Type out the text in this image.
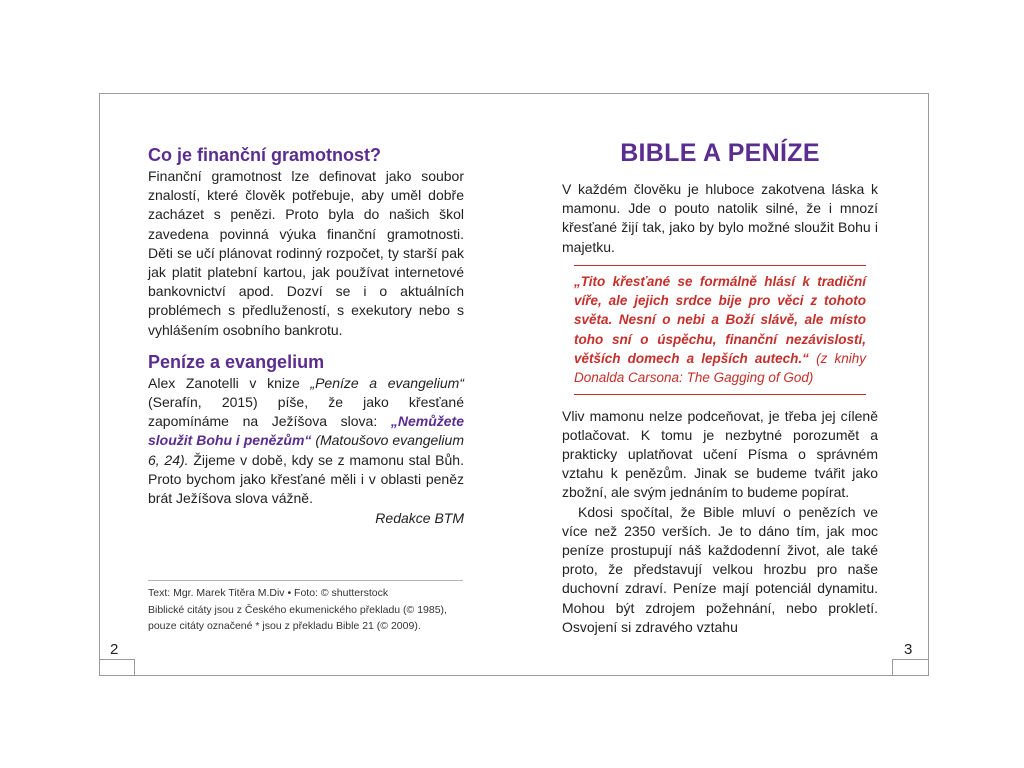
2	3
Co je finanční gramotnost?

Finanční gramotnost lze definovat jako soubor znalostí, které člověk potřebuje, aby uměl dobře zacházet s penězi. Proto byla do našich škol zavedena povinná výuka finanční gramotnosti. Děti se učí plánovat rodinný rozpočet, ty starší pak jak platit platební kartou, jak používat internetové bankovnictví apod. Dozví se i o aktuálních problémech s předlužeností, s exekutory nebo s vyhlášením osobního bankrotu.

Peníze a evangelium

Alex Zanotelli v knize „Peníze a evangelium“ (Serafín, 2015) píše, že jako křesťané zapomínáme na Ježíšova slova: „Nemůžete sloužit Bohu i penězům“ (Matoušovo evangelium 6, 24). Žijeme v době, kdy se z mamonu stal Bůh. Proto bychom jako křesťané měli i v oblasti peněz brát Ježíšova slova vážně.

Redakce BTM
Text: Mgr. Marek Titěra M.Div • Foto: © shutterstock
Biblické citáty jsou z Českého ekumenického překladu (© 1985),
pouze citáty označené * jsou z překladu Bible 21 (© 2009).
BIBLE A PENÍZE

V každém člověku je hluboce zakotvena láska k mamonu. Jde o pouto natolik silné, že i mnozí křesťané žijí tak, jako by bylo možné sloužit Bohu i majetku.

„Tito křesťané se formálně hlásí k tradiční víře, ale jejich srdce bije pro věci z tohoto světa. Nesní o nebi a Boží slávě, ale místo toho sní o úspěchu, finanční nezávislosti, větších domech a lepších autech.“ (z knihy Donalda Carsona: The Gagging of God)

Vliv mamonu nelze podceňovat, je třeba jej cíleně potlačovat. K tomu je nezbytné porozumět a prakticky uplatňovat učení Písma o správném vztahu k penězům. Jinak se budeme tvářit jako zbožní, ale svým jednáním to budeme popírat.

Kdosi spočítal, že Bible mluví o penězích ve více než 2350 verších. Je to dáno tím, jak moc peníze prostupují náš každodenní život, ale také proto, že představují velkou hrozbu pro naše duchovní zdraví. Peníze mají potenciál dynamitu. Mohou být zdrojem požehnání, nebo prokletí. Osvojení si zdravého vztahu
